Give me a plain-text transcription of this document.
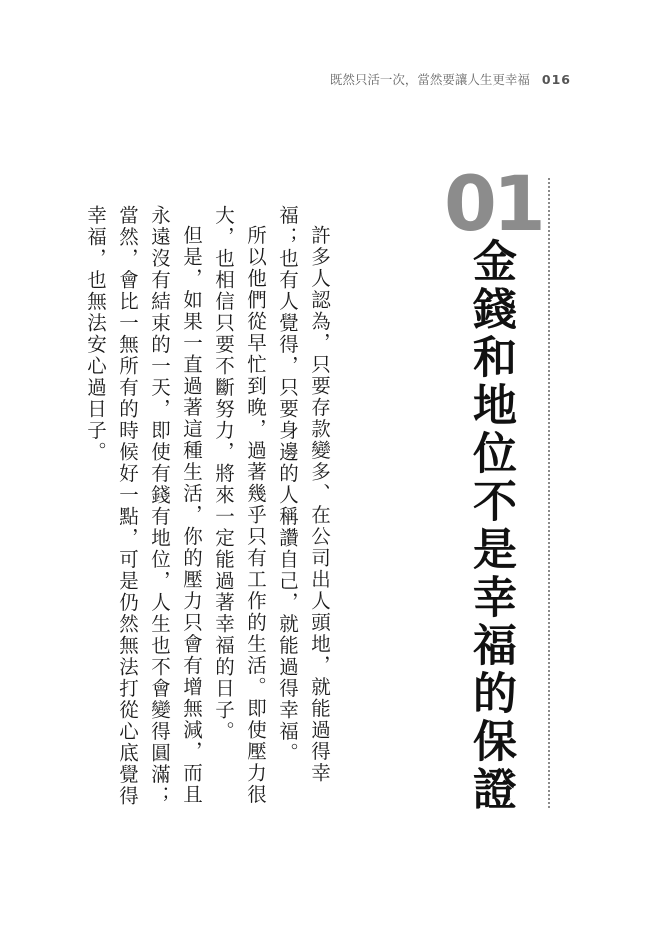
既然只活一次，當然要讓人生更幸福 016
01
金錢和地位不是幸福的保證

許多人認為，只要存款變多、在公司出人頭地，就能過得幸福；也有人覺得，只要身邊的人稱讚自己，就能過得幸福。

所以他們從早忙到晚，過著幾乎只有工作的生活。即使壓力很大，也相信只要不斷努力，將來一定能過著幸福的日子。

但是，如果一直過著這種生活，你的壓力只會有增無減，而且永遠沒有結束的一天，即使有錢有地位，人生也不會變得圓滿；當然，會比一無所有的時候好一點，可是仍然無法打從心底覺得幸福，也無法安心過日子。
